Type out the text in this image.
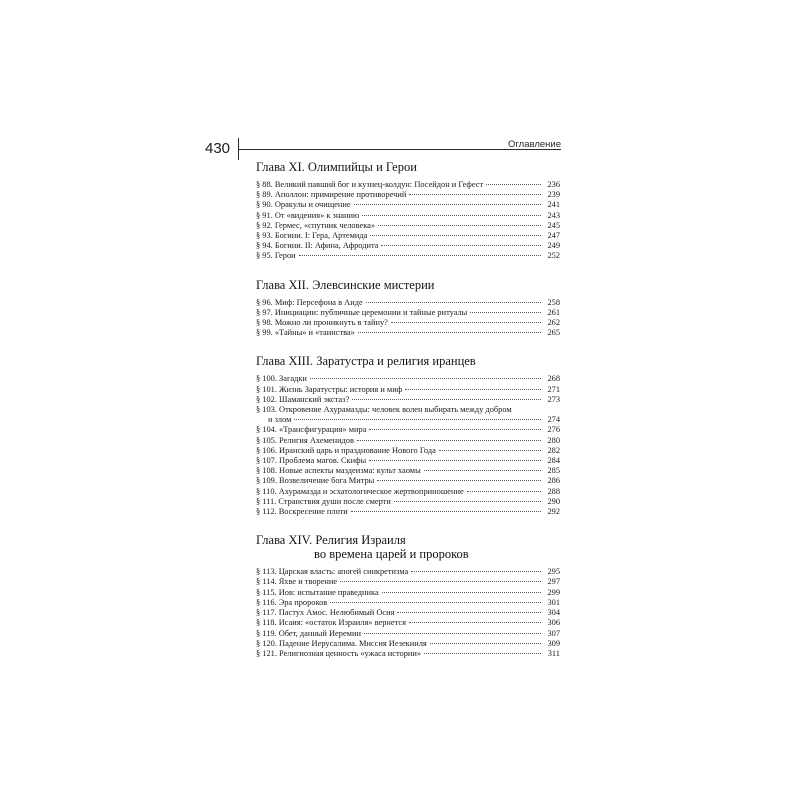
430	Оглавление
Глава XI. Олимпийцы и Герои
§ 88. Великий павший бог и кузнец-колдун: Посейдон и Гефест	236
§ 89. Аполлон: примирение противоречий	239
§ 90. Оракулы и очищение	241
§ 91. От «видения» к знанию	243
§ 92. Гермес, «спутник человека»	245
§ 93. Богини. I: Гера, Артемида	247
§ 94. Богини. II: Афина, Афродита	249
§ 95. Герои	252
Глава XII. Элевсинские мистерии
§ 96. Миф: Персефона в Аиде	258
§ 97. Инициации: публичные церемонии и тайные ритуалы	261
§ 98. Можно ли проникнуть в тайну?	262
§ 99. «Тайны» и «таинства»	265
Глава XIII. Заратустра и религия иранцев
§ 100. Загадки	268
§ 101. Жизнь Заратустры: история и миф	271
§ 102. Шаманский экстаз?	273
§ 103. Откровение Ахурамазды: человек волен выбирать между добром
и злом	274
§ 104. «Трансфигурация» мира	276
§ 105. Религия Ахеменидов	280
§ 106. Иранский царь и празднование Нового Года	282
§ 107. Проблема магов. Скифы	284
§ 108. Новые аспекты маздеизма: культ хаомы	285
§ 109. Возвеличение бога Митры	286
§ 110. Ахурамазда и эсхатологическое жертвоприношение	288
§ 111. Странствия души после смерти	290
§ 112. Воскресение плоти	292
Глава XIV. Религия Израиля
во времена царей и пророков
§ 113. Царская власть: апогей синкретизма	295
§ 114. Яхве и творение	297
§ 115. Иов: испытание праведника	299
§ 116. Эра пророков	301
§ 117. Пастух Амос. Нелюбимый Осия	304
§ 118. Исаия: «остаток Израиля» вернется	306
§ 119. Обет, данный Иеремии	307
§ 120. Падение Иерусалима. Миссия Иезекииля	309
§ 121. Религиозная ценность «ужаса истории»	311
